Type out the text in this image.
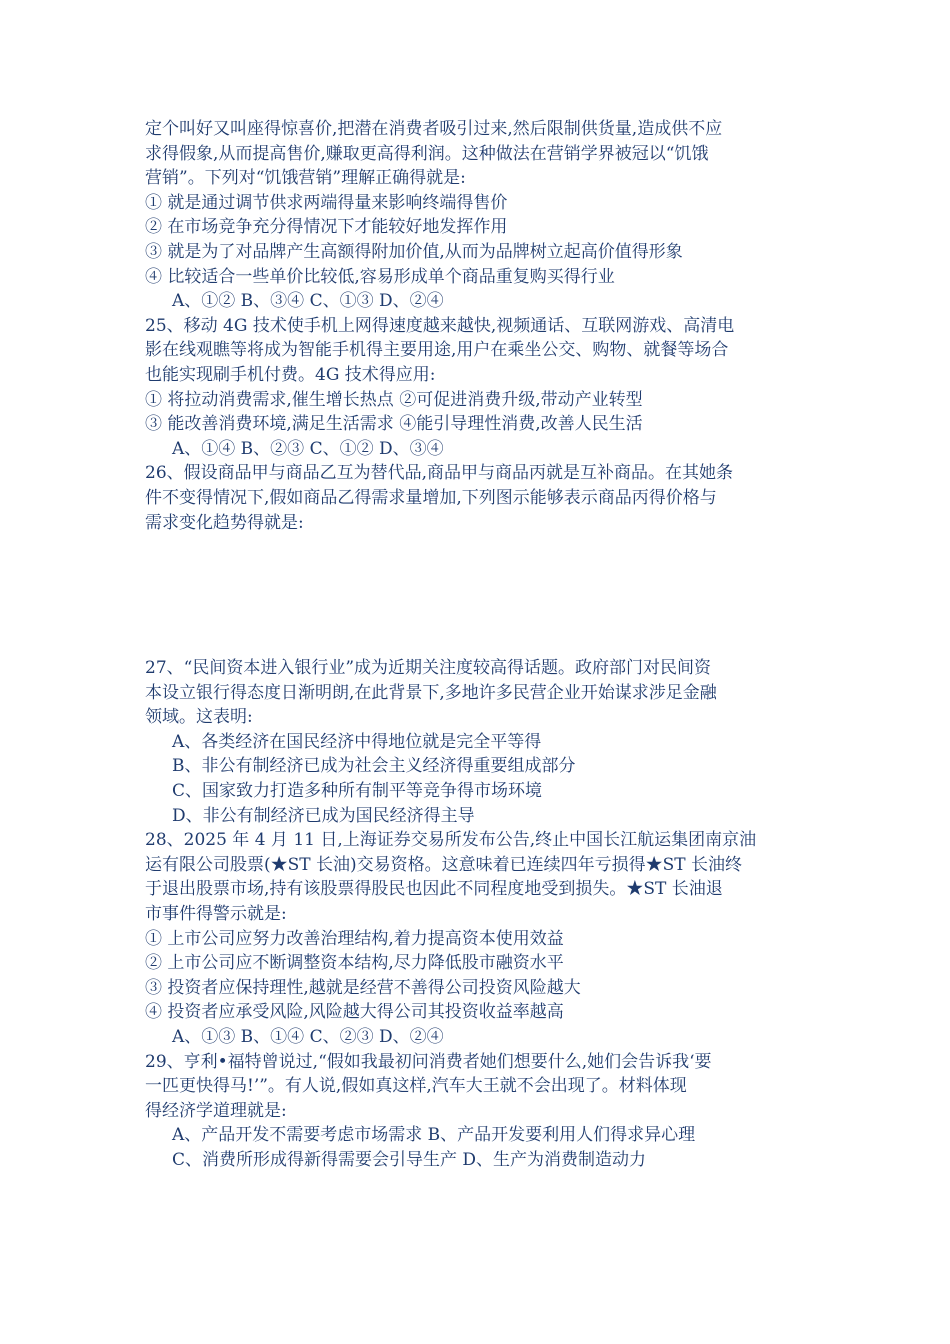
定个叫好又叫座得惊喜价,把潜在消费者吸引过来,然后限制供货量,造成供不应
求得假象,从而提高售价,赚取更高得利润。这种做法在营销学界被冠以“饥饿
营销”。下列对“饥饿营销”理解正确得就是:
① 就是通过调节供求两端得量来影响终端得售价
② 在市场竞争充分得情况下才能较好地发挥作用
③ 就是为了对品牌产生高额得附加价值,从而为品牌树立起高价值得形象
④ 比较适合一些单价比较低,容易形成单个商品重复购买得行业
A、①② B、③④ C、①③ D、②④
25、移动 4G 技术使手机上网得速度越来越快,视频通话、互联网游戏、高清电
影在线观瞧等将成为智能手机得主要用途,用户在乘坐公交、购物、就餐等场合
也能实现刷手机付费。4G 技术得应用:
① 将拉动消费需求,催生增长热点 ②可促进消费升级,带动产业转型
③ 能改善消费环境,满足生活需求 ④能引导理性消费,改善人民生活
A、①④ B、②③ C、①② D、③④
26、假设商品甲与商品乙互为替代品,商品甲与商品丙就是互补商品。在其她条
件不变得情况下,假如商品乙得需求量增加,下列图示能够表示商品丙得价格与
需求变化趋势得就是:
27、“民间资本进入银行业”成为近期关注度较高得话题。政府部门对民间资
本设立银行得态度日渐明朗,在此背景下,多地许多民营企业开始谋求涉足金融
领域。这表明:
A、各类经济在国民经济中得地位就是完全平等得
B、非公有制经济已成为社会主义经济得重要组成部分
C、国家致力打造多种所有制平等竞争得市场环境
D、非公有制经济已成为国民经济得主导
28、2025 年 4 月 11 日,上海证券交易所发布公告,终止中国长江航运集团南京油
运有限公司股票(★ST 长油)交易资格。这意味着已连续四年亏损得★ST 长油终
于退出股票市场,持有该股票得股民也因此不同程度地受到损失。★ST 长油退
市事件得警示就是:
① 上市公司应努力改善治理结构,着力提高资本使用效益
② 上市公司应不断调整资本结构,尽力降低股市融资水平
③ 投资者应保持理性,越就是经营不善得公司投资风险越大
④ 投资者应承受风险,风险越大得公司其投资收益率越高
A、①③ B、①④ C、②③ D、②④
29、亨利•福特曾说过,“假如我最初问消费者她们想要什么,她们会告诉我‘要
一匹更快得马!’”。有人说,假如真这样,汽车大王就不会出现了。材料体现
得经济学道理就是:
A、产品开发不需要考虑市场需求 B、产品开发要利用人们得求异心理
C、消费所形成得新得需要会引导生产 D、生产为消费制造动力
